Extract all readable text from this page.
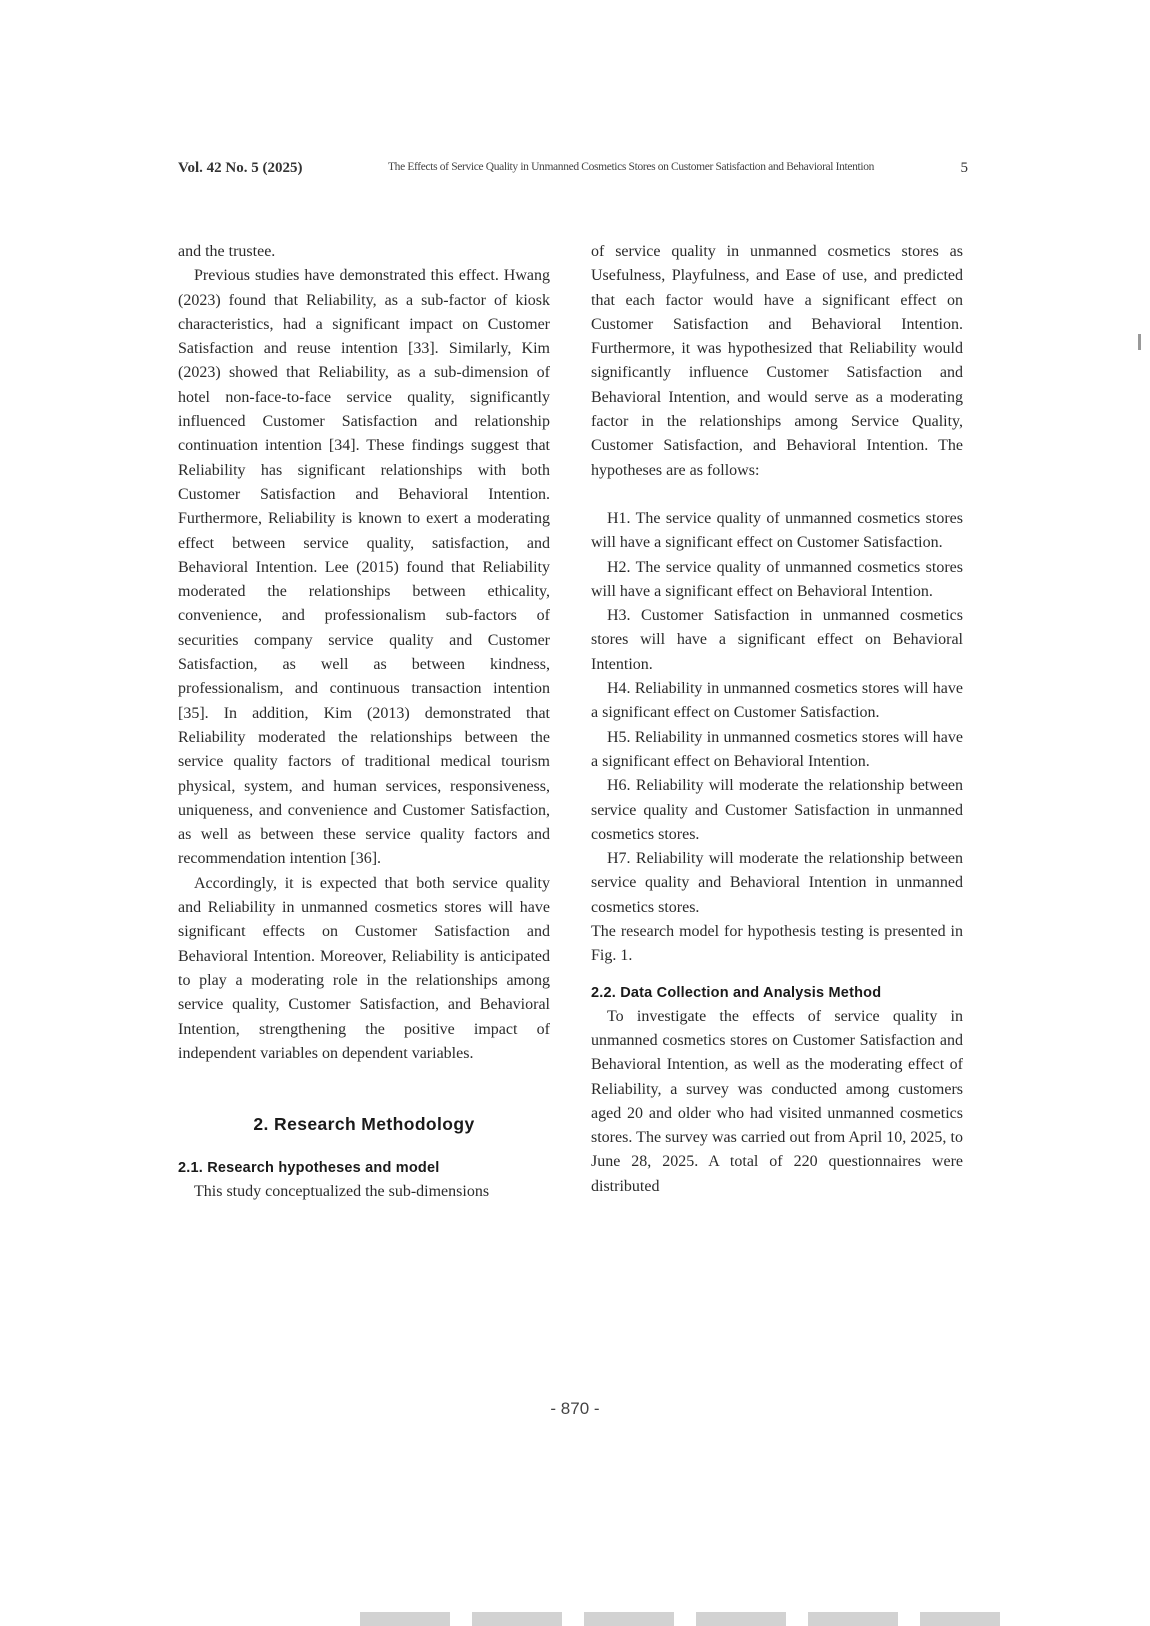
Vol. 42 No. 5 (2025)	The Effects of Service Quality in Unmanned Cosmetics Stores on Customer Satisfaction and Behavioral Intention	5

and the trustee.

Previous studies have demonstrated this effect. Hwang (2023) found that Reliability, as a sub-factor of kiosk characteristics, had a significant impact on Customer Satisfaction and reuse intention [33]. Similarly, Kim (2023) showed that Reliability, as a sub-dimension of hotel non-face-to-face service quality, significantly influenced Customer Satisfaction and relationship continuation intention [34]. These findings suggest that Reliability has significant relationships with both Customer Satisfaction and Behavioral Intention. Furthermore, Reliability is known to exert a moderating effect between service quality, satisfaction, and Behavioral Intention. Lee (2015) found that Reliability moderated the relationships between ethicality, convenience, and professionalism sub-factors of securities company service quality and Customer Satisfaction, as well as between kindness, professionalism, and continuous transaction intention [35]. In addition, Kim (2013) demonstrated that Reliability moderated the relationships between the service quality factors of traditional medical tourism physical, system, and human services, responsiveness, uniqueness, and convenience and Customer Satisfaction, as well as between these service quality factors and recommendation intention [36].

Accordingly, it is expected that both service quality and Reliability in unmanned cosmetics stores will have significant effects on Customer Satisfaction and Behavioral Intention. Moreover, Reliability is anticipated to play a moderating role in the relationships among service quality, Customer Satisfaction, and Behavioral Intention, strengthening the positive impact of independent variables on dependent variables.

2. Research Methodology
2.1. Research hypotheses and model

This study conceptualized the sub-dimensions

of service quality in unmanned cosmetics stores as Usefulness, Playfulness, and Ease of use, and predicted that each factor would have a significant effect on Customer Satisfaction and Behavioral Intention. Furthermore, it was hypothesized that Reliability would significantly influence Customer Satisfaction and Behavioral Intention, and would serve as a moderating factor in the relationships among Service Quality, Customer Satisfaction, and Behavioral Intention. The hypotheses are as follows:

H1. The service quality of unmanned cosmetics stores will have a significant effect on Customer Satisfaction.

H2. The service quality of unmanned cosmetics stores will have a significant effect on Behavioral Intention.

H3. Customer Satisfaction in unmanned cosmetics stores will have a significant effect on Behavioral Intention.

H4. Reliability in unmanned cosmetics stores will have a significant effect on Customer Satisfaction.

H5. Reliability in unmanned cosmetics stores will have a significant effect on Behavioral Intention.

H6. Reliability will moderate the relationship between service quality and Customer Satisfaction in unmanned cosmetics stores.

H7. Reliability will moderate the relationship between service quality and Behavioral Intention in unmanned cosmetics stores.

The research model for hypothesis testing is presented in Fig. 1.

2.2. Data Collection and Analysis Method

To investigate the effects of service quality in unmanned cosmetics stores on Customer Satisfaction and Behavioral Intention, as well as the moderating effect of Reliability, a survey was conducted among customers aged 20 and older who had visited unmanned cosmetics stores. The survey was carried out from April 10, 2025, to June 28, 2025. A total of 220 questionnaires were distributed

- 870 -
